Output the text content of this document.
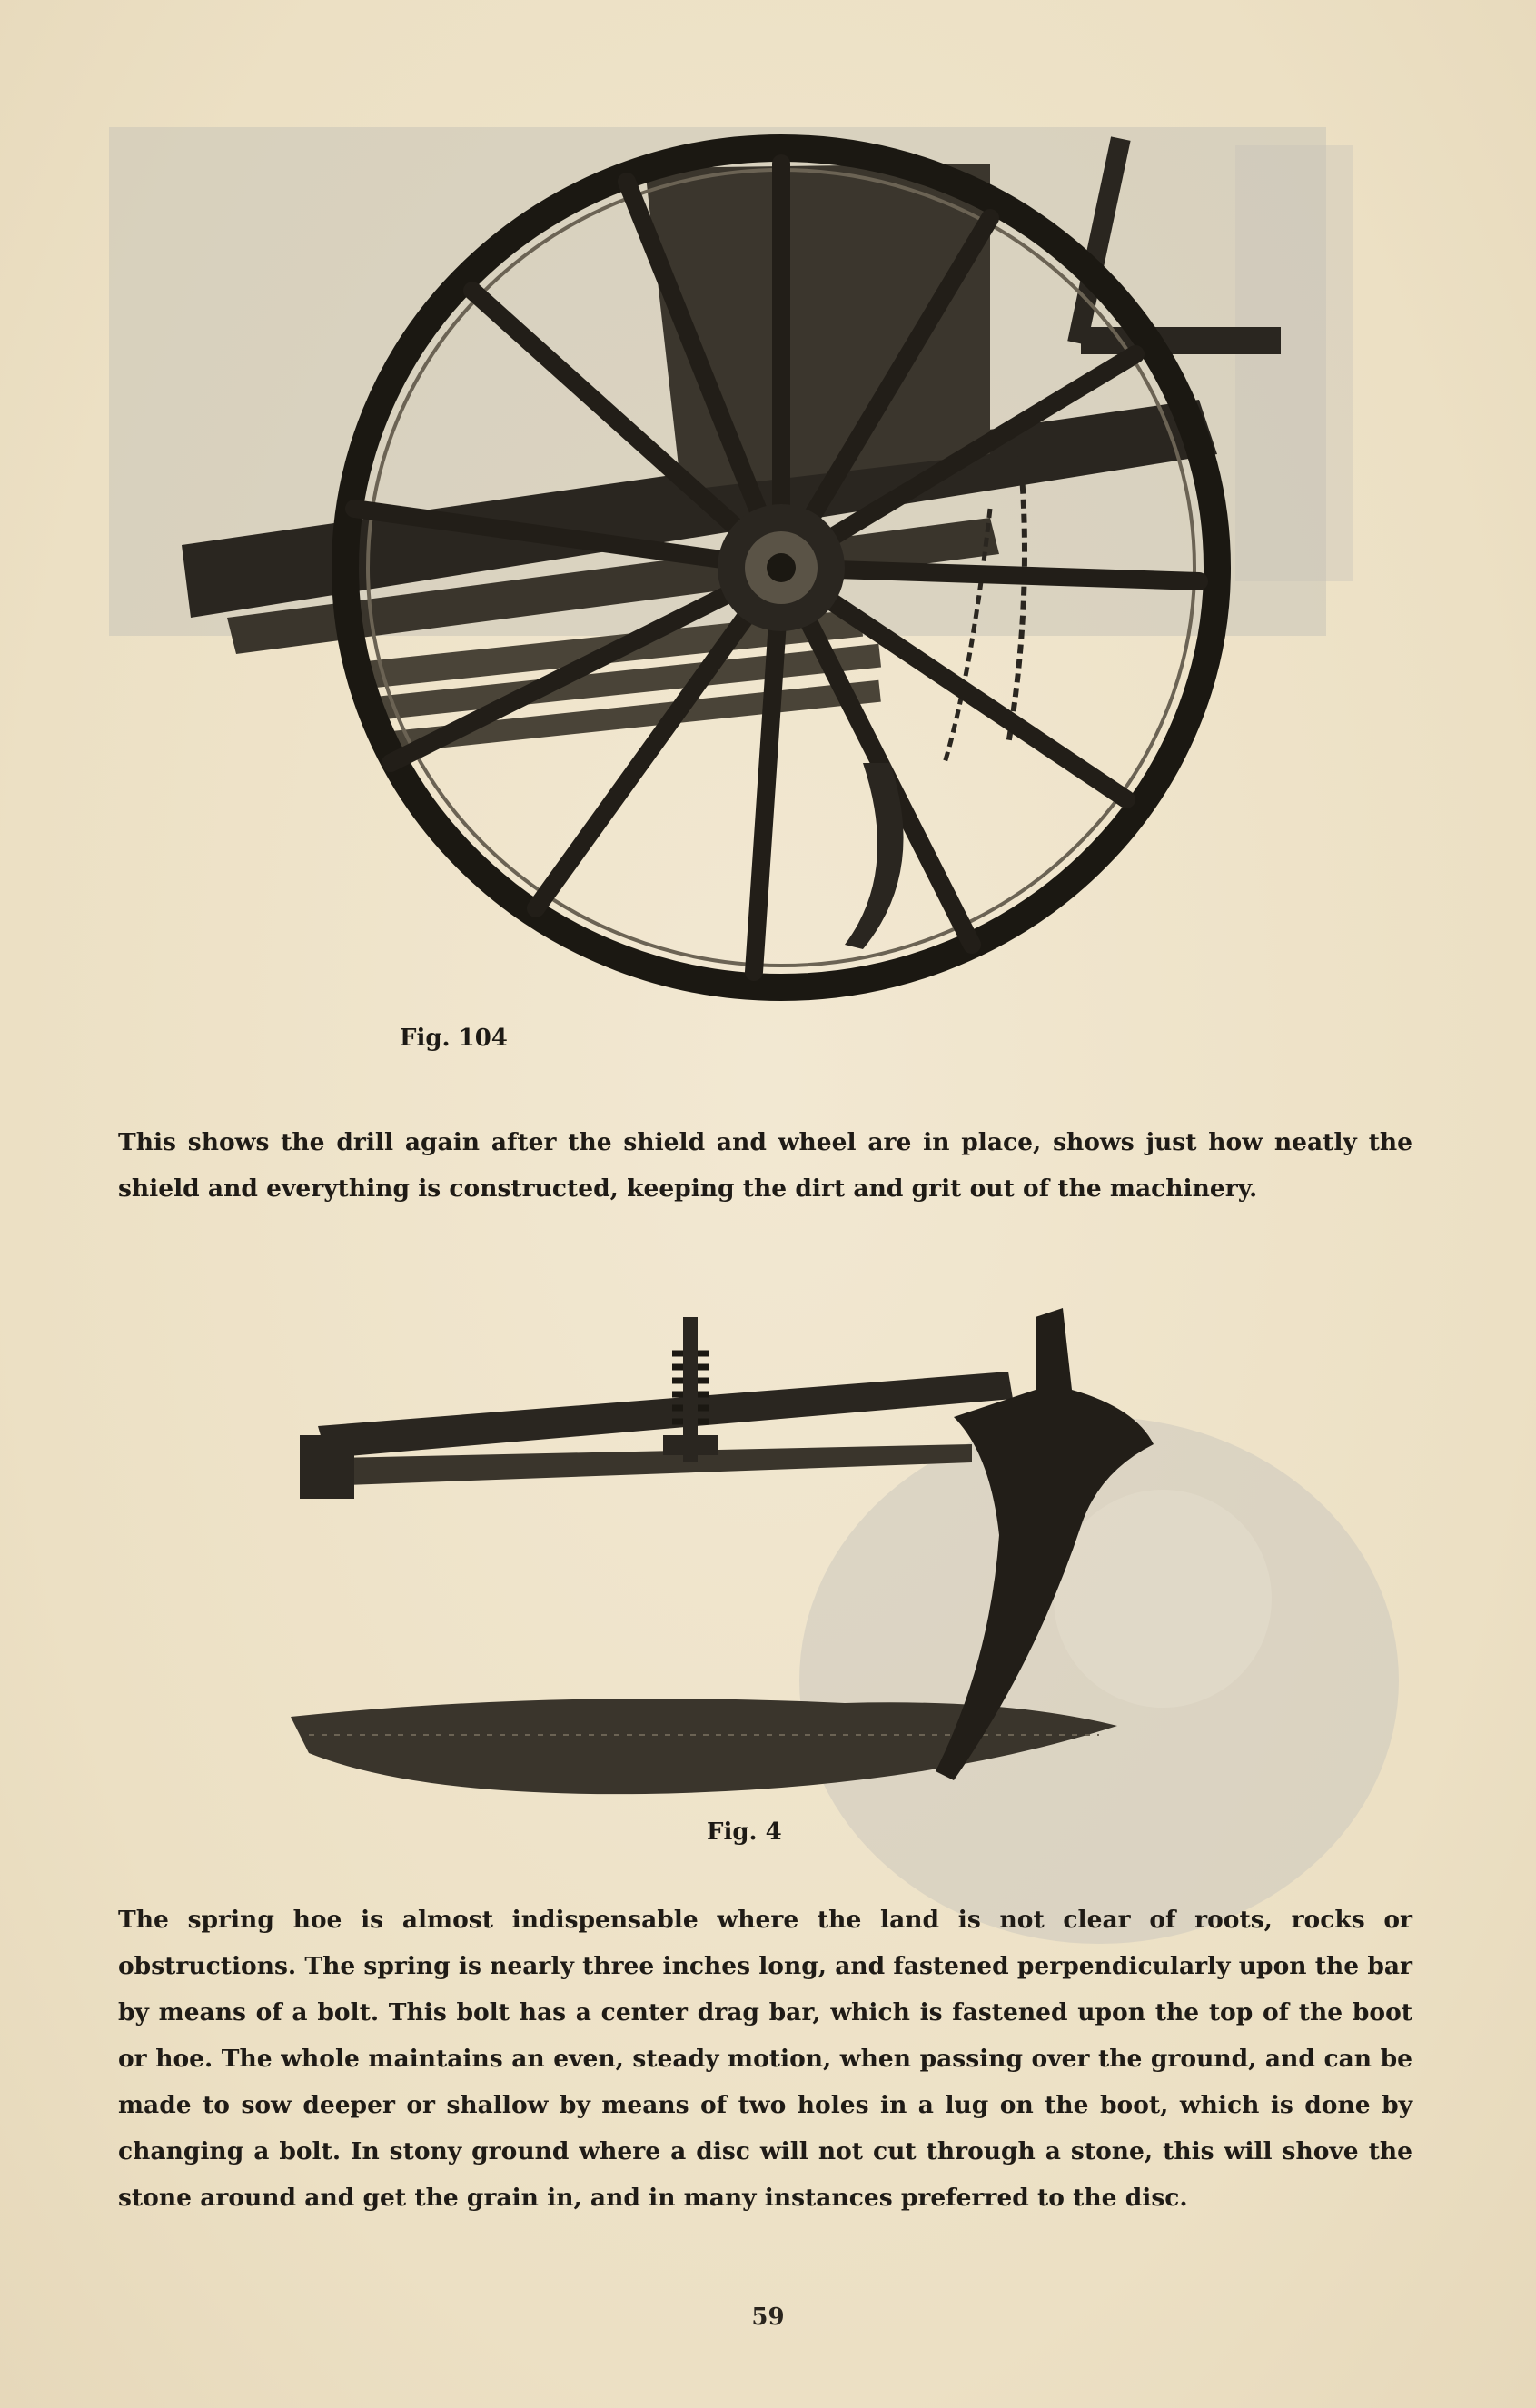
Fig. 104
This shows the drill again after the shield and wheel are in place, shows just how neatly the shield and everything is constructed, keeping the dirt and grit out of the machinery.
Fig. 4
The spring hoe is almost indispensable where the land is not clear of roots, rocks or obstructions. The spring is nearly three inches long, and fastened perpendicularly upon the bar by means of a bolt. This bolt has a center drag bar, which is fastened upon the top of the boot or hoe. The whole maintains an even, steady motion, when passing over the ground, and can be made to sow deeper or shallow by means of two holes in a lug on the boot, which is done by changing a bolt. In stony ground where a disc will not cut through a stone, this will shove the stone around and get the grain in, and in many instances preferred to the disc.
59
